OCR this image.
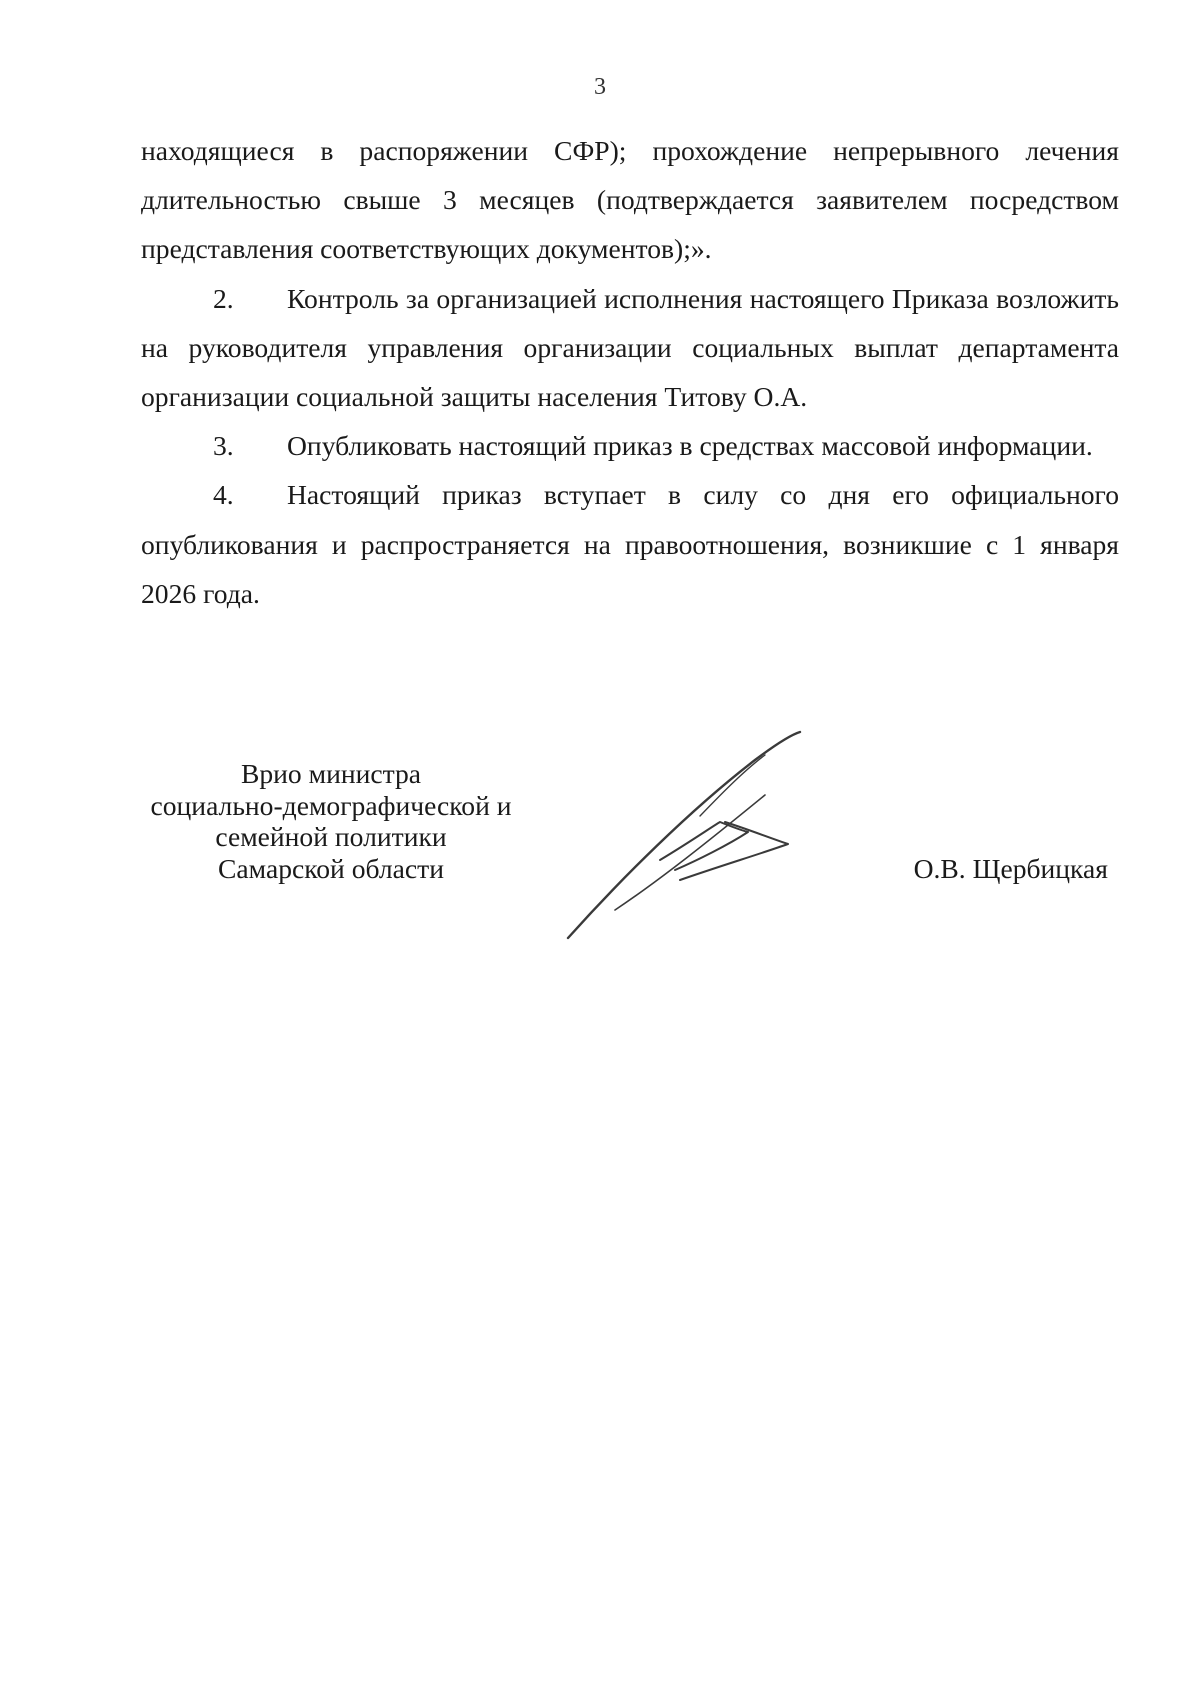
3

находящиеся в распоряжении СФР); прохождение непрерывного лечения длительностью свыше 3 месяцев (подтверждается заявителем посредством представления соответствующих документов);».

2. Контроль за организацией исполнения настоящего Приказа возложить на руководителя управления организации социальных выплат департамента организации социальной защиты населения Титову О.А.

3. Опубликовать настоящий приказ в средствах массовой информации.

4. Настоящий приказ вступает в силу со дня его официального опубликования и распространяется на правоотношения, возникшие с 1 января 2026 года.

Врио министра
социально-демографической и
семейной политики
Самарской области	О.В. Щербицкая
